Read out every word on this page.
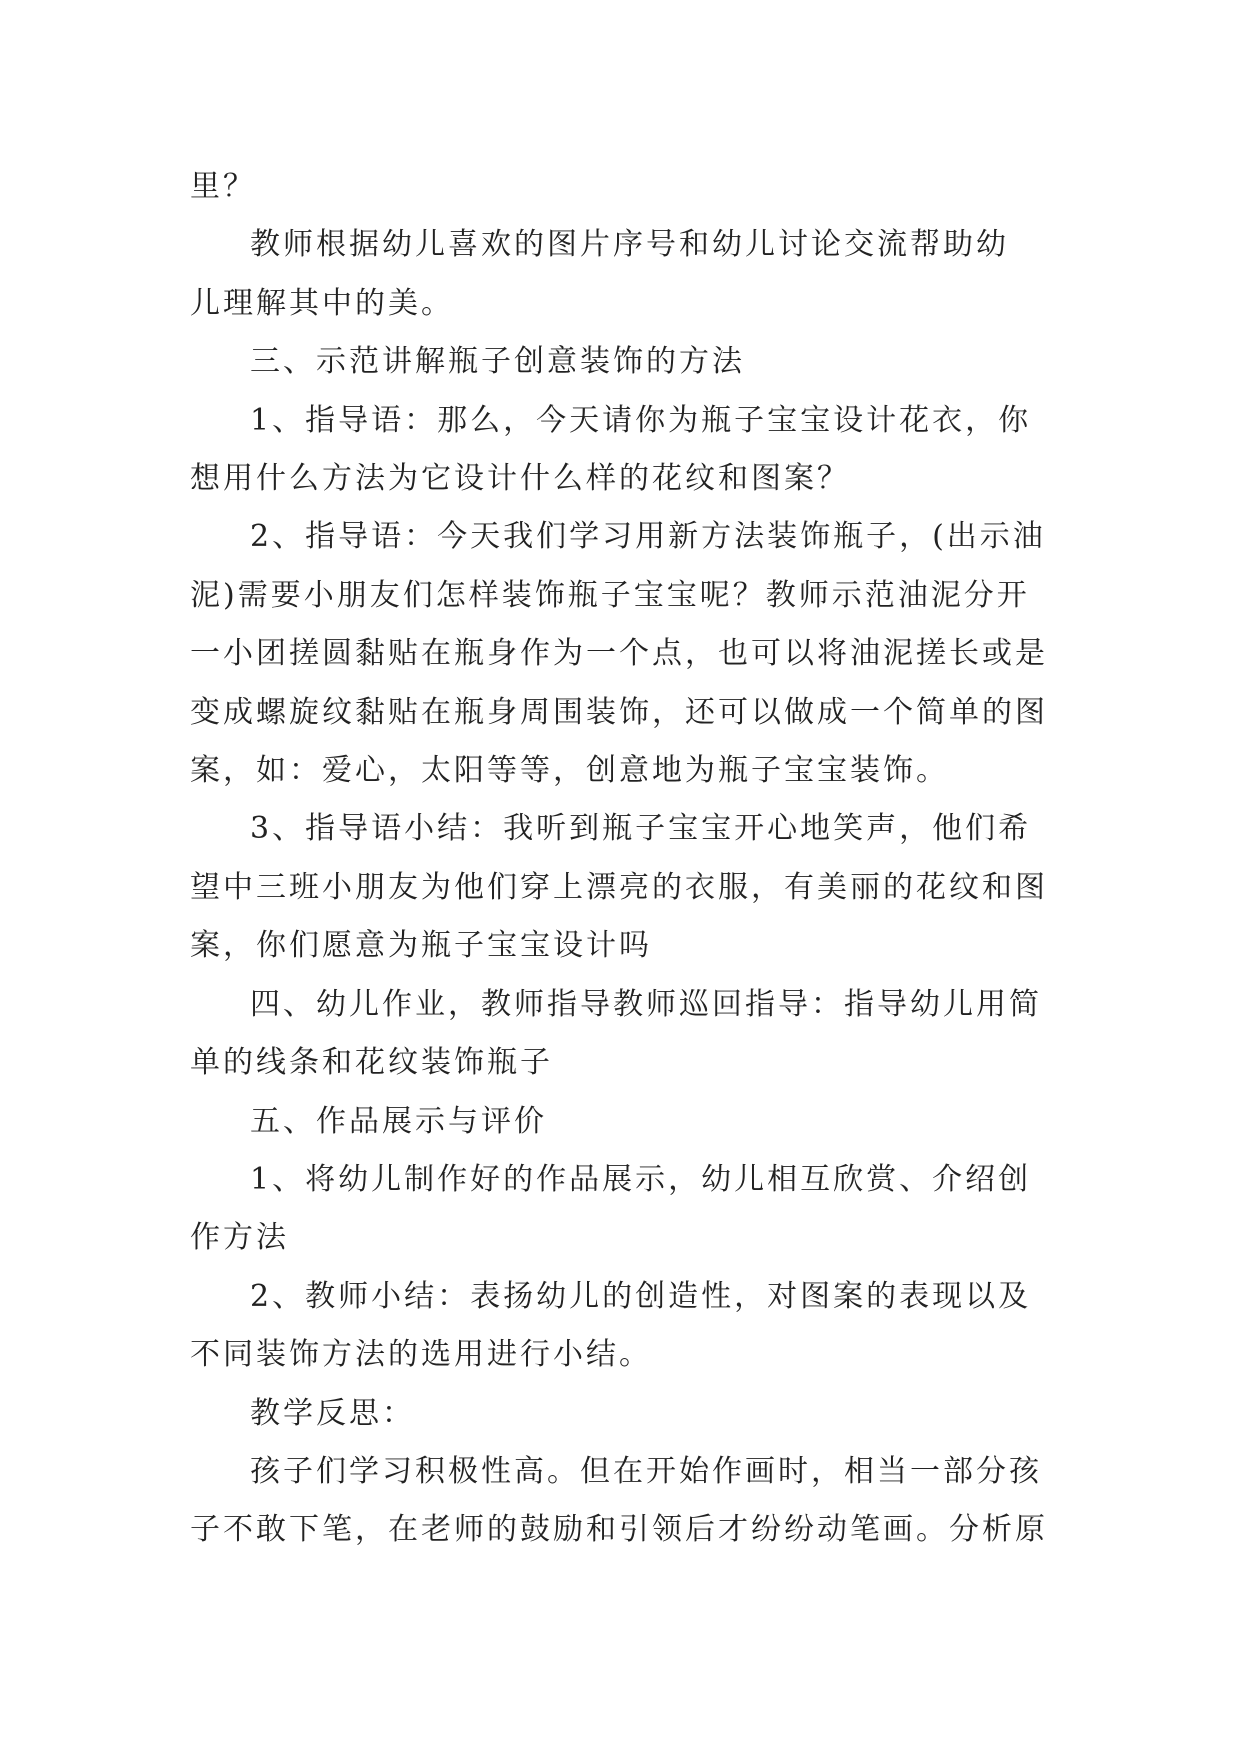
里？
教师根据幼儿喜欢的图片序号和幼儿讨论交流帮助幼
儿理解其中的美。
三、示范讲解瓶子创意装饰的方法
1、指导语：那么，今天请你为瓶子宝宝设计花衣，你
想用什么方法为它设计什么样的花纹和图案？
2、指导语：今天我们学习用新方法装饰瓶子，(出示油
泥)需要小朋友们怎样装饰瓶子宝宝呢？教师示范油泥分开
一小团搓圆黏贴在瓶身作为一个点，也可以将油泥搓长或是
变成螺旋纹黏贴在瓶身周围装饰，还可以做成一个简单的图
案，如：爱心，太阳等等，创意地为瓶子宝宝装饰。
3、指导语小结：我听到瓶子宝宝开心地笑声，他们希
望中三班小朋友为他们穿上漂亮的衣服，有美丽的花纹和图
案，你们愿意为瓶子宝宝设计吗
四、幼儿作业，教师指导教师巡回指导：指导幼儿用简
单的线条和花纹装饰瓶子
五、作品展示与评价
1、将幼儿制作好的作品展示，幼儿相互欣赏、介绍创
作方法
2、教师小结：表扬幼儿的创造性，对图案的表现以及
不同装饰方法的选用进行小结。
教学反思：
孩子们学习积极性高。但在开始作画时，相当一部分孩
子不敢下笔，在老师的鼓励和引领后才纷纷动笔画。分析原
